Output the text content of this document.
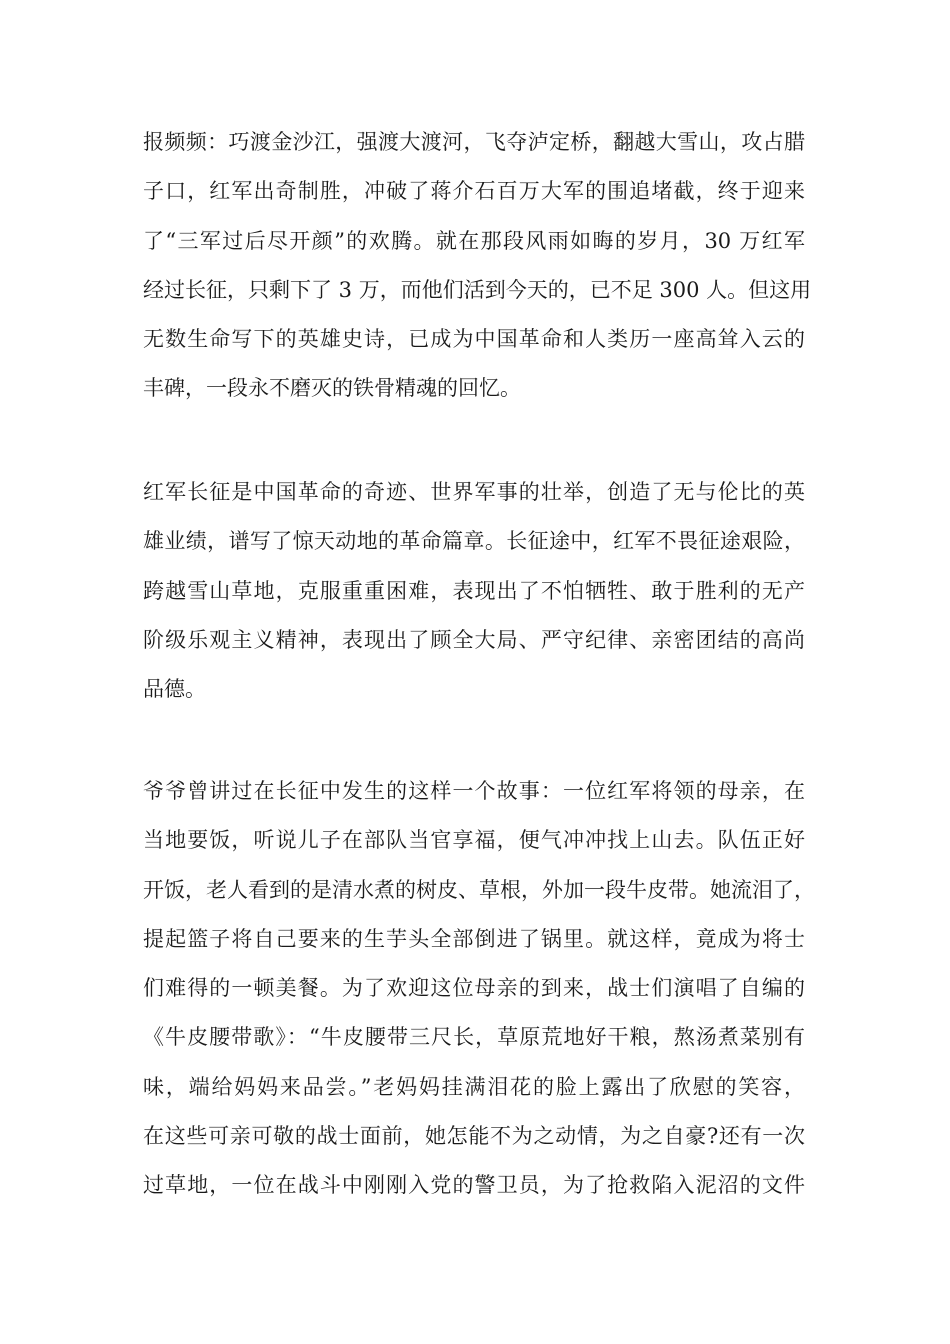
报频频：巧渡金沙江，强渡大渡河，飞夺泸定桥，翻越大雪山，攻占腊
子口，红军出奇制胜，冲破了蒋介石百万大军的围追堵截，终于迎来
了“三军过后尽开颜”的欢腾。就在那段风雨如晦的岁月，30 万红军
经过长征，只剩下了 3 万，而他们活到今天的，已不足 300 人。但这用
无数生命写下的英雄史诗，已成为中国革命和人类历一座高耸入云的
丰碑，一段永不磨灭的铁骨精魂的回忆。
红军长征是中国革命的奇迹、世界军事的壮举，创造了无与伦比的英
雄业绩，谱写了惊天动地的革命篇章。长征途中，红军不畏征途艰险，
跨越雪山草地，克服重重困难，表现出了不怕牺牲、敢于胜利的无产
阶级乐观主义精神，表现出了顾全大局、严守纪律、亲密团结的高尚
品德。
爷爷曾讲过在长征中发生的这样一个故事：一位红军将领的母亲，在
当地要饭，听说儿子在部队当官享福，便气冲冲找上山去。队伍正好
开饭，老人看到的是清水煮的树皮、草根，外加一段牛皮带。她流泪了，
提起篮子将自己要来的生芋头全部倒进了锅里。就这样，竟成为将士
们难得的一顿美餐。为了欢迎这位母亲的到来，战士们演唱了自编的
《牛皮腰带歌》：“牛皮腰带三尺长，草原荒地好干粮，熬汤煮菜别有
味，端给妈妈来品尝。”老妈妈挂满泪花的脸上露出了欣慰的笑容，
在这些可亲可敬的战士面前，她怎能不为之动情，为之自豪?还有一次
过草地，一位在战斗中刚刚入党的警卫员，为了抢救陷入泥沼的文件
